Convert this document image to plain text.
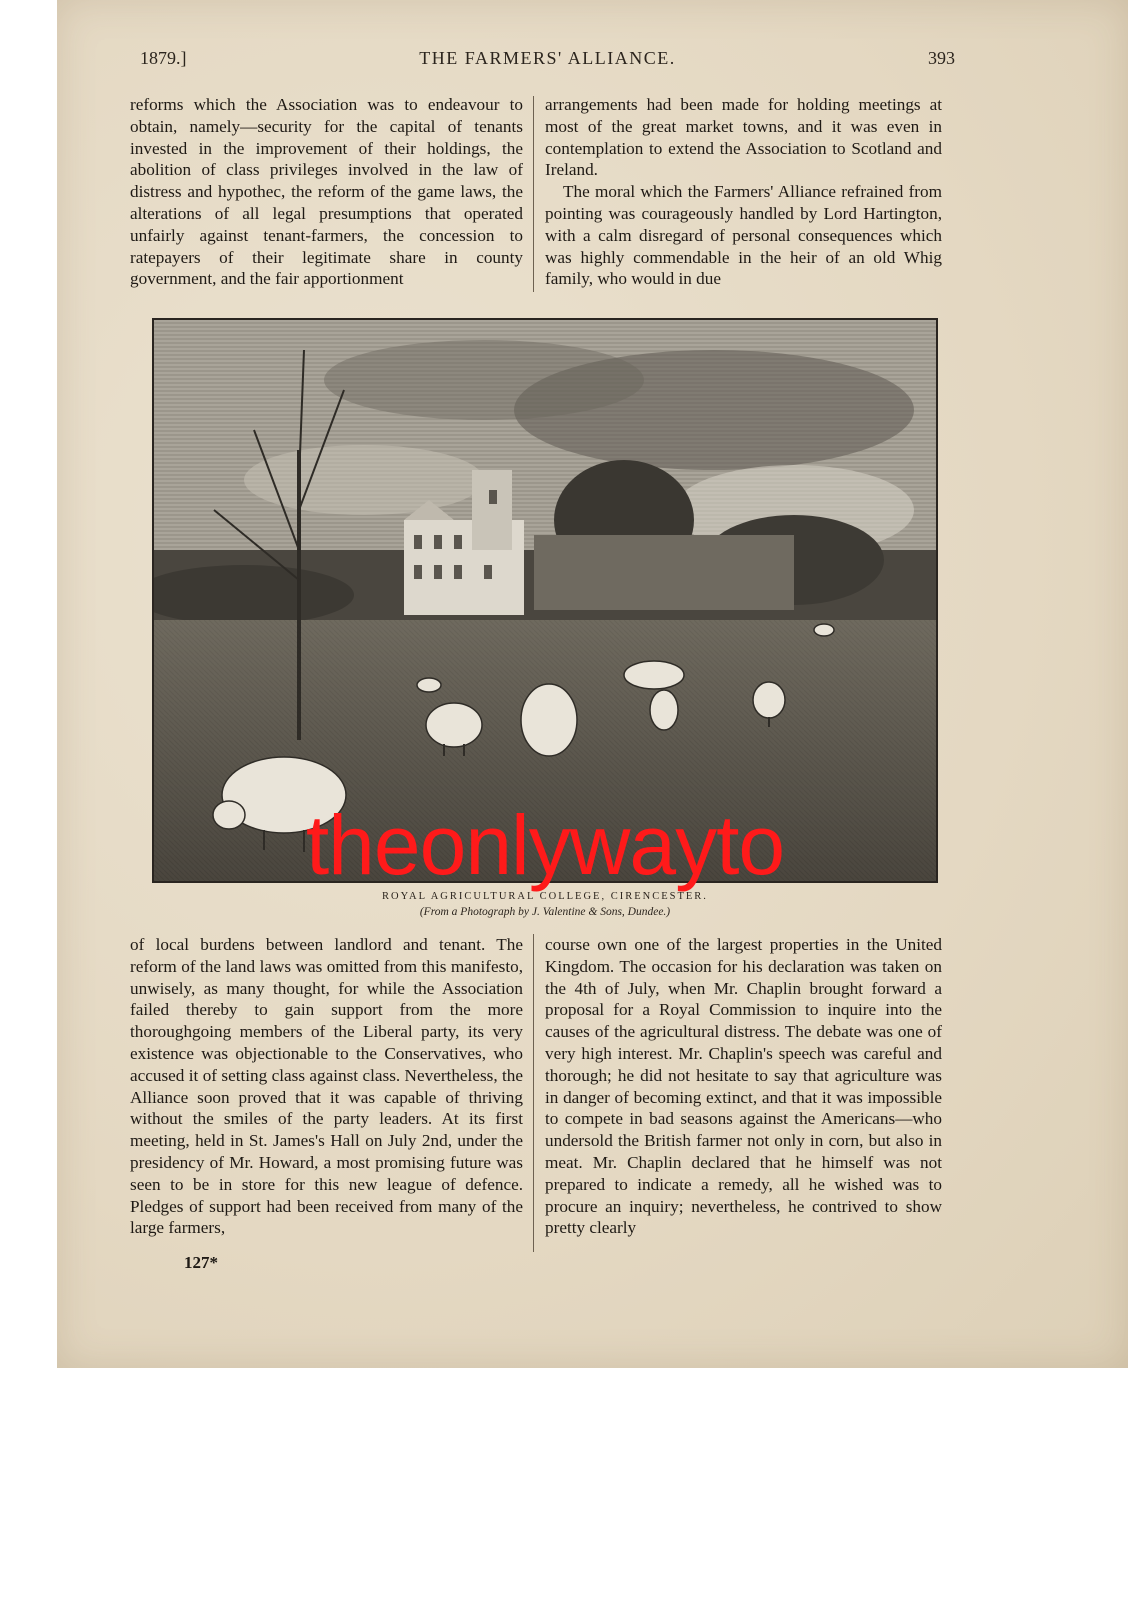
1879.]	THE FARMERS' ALLIANCE.	393

reforms which the Association was to endeavour to obtain, namely—security for the capital of tenants invested in the improvement of their holdings, the abolition of class privileges involved in the law of distress and hypothec, the reform of the game laws, the alterations of all legal presumptions that operated unfairly against tenant-farmers, the concession to ratepayers of their legitimate share in county government, and the fair apportionment

arrangements had been made for holding meetings at most of the great market towns, and it was even in contemplation to extend the Association to Scotland and Ireland.

The moral which the Farmers' Alliance refrained from pointing was courageously handled by Lord Hartington, with a calm disregard of personal consequences which was highly commendable in the heir of an old Whig family, who would in due

theonlywayto
ROYAL AGRICULTURAL COLLEGE, CIRENCESTER.
(From a Photograph by J. Valentine & Sons, Dundee.)

of local burdens between landlord and tenant. The reform of the land laws was omitted from this manifesto, unwisely, as many thought, for while the Association failed thereby to gain support from the more thoroughgoing members of the Liberal party, its very existence was objectionable to the Conservatives, who accused it of setting class against class. Nevertheless, the Alliance soon proved that it was capable of thriving without the smiles of the party leaders. At its first meeting, held in St. James's Hall on July 2nd, under the presidency of Mr. Howard, a most promising future was seen to be in store for this new league of defence. Pledges of support had been received from many of the large farmers,

course own one of the largest properties in the United Kingdom. The occasion for his declaration was taken on the 4th of July, when Mr. Chaplin brought forward a proposal for a Royal Commission to inquire into the causes of the agricultural distress. The debate was one of very high interest. Mr. Chaplin's speech was careful and thorough; he did not hesitate to say that agriculture was in danger of becoming extinct, and that it was impossible to compete in bad seasons against the Americans—who undersold the British farmer not only in corn, but also in meat. Mr. Chaplin declared that he himself was not prepared to indicate a remedy, all he wished was to procure an inquiry; nevertheless, he contrived to show pretty clearly

127*
